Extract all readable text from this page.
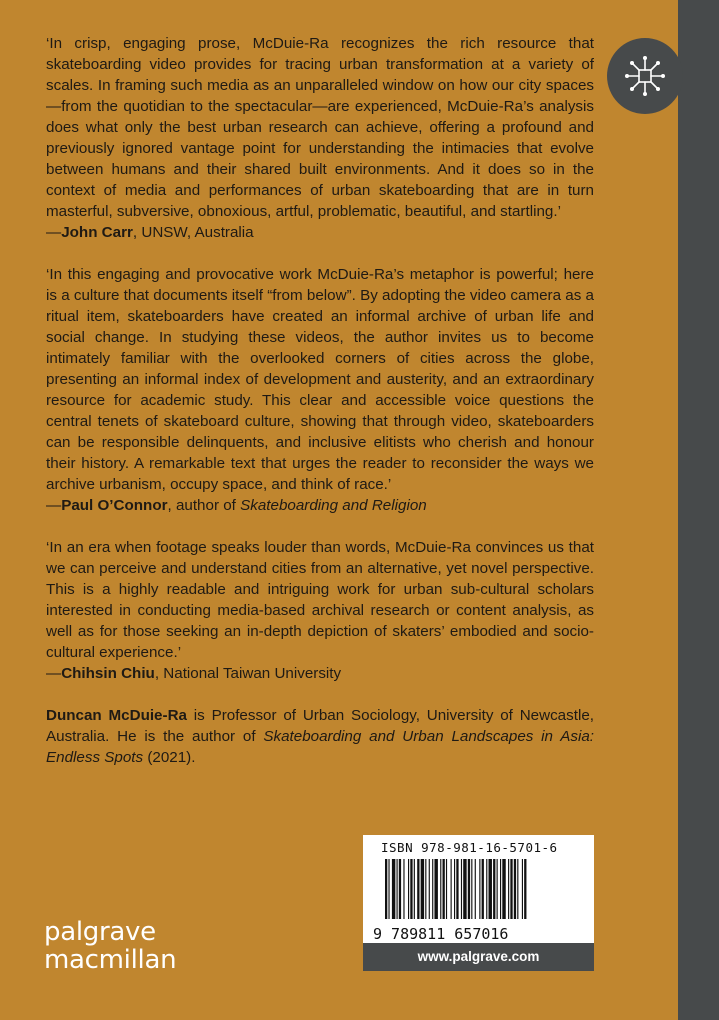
‘In crisp, engaging prose, McDuie-Ra recognizes the rich resource that skateboarding video provides for tracing urban transformation at a variety of scales. In framing such media as an unparalleled window on how our city spaces—from the quotidian to the spectacular—are experienced, McDuie-Ra’s analysis does what only the best urban research can achieve, offering a profound and previously ignored vantage point for understanding the intimacies that evolve between humans and their shared built environments. And it does so in the context of media and performances of urban skateboarding that are in turn masterful, subversive, obnoxious, artful, problematic, beautiful, and startling.’

—John Carr, UNSW, Australia

‘In this engaging and provocative work McDuie-Ra’s metaphor is powerful; here is a culture that documents itself “from below”. By adopting the video camera as a ritual item, skateboarders have created an informal archive of urban life and social change. In studying these videos, the author invites us to become intimately familiar with the overlooked corners of cities across the globe, presenting an informal index of development and austerity, and an extraordinary resource for academic study. This clear and accessible voice questions the central tenets of skateboard culture, showing that through video, skateboarders can be responsible delinquents, and inclusive elitists who cherish and honour their history. A remarkable text that urges the reader to reconsider the ways we archive urbanism, occupy space, and think of race.’

—Paul O’Connor, author of Skateboarding and Religion

‘In an era when footage speaks louder than words, McDuie-Ra convinces us that we can perceive and understand cities from an alternative, yet novel perspective. This is a highly readable and intriguing work for urban sub-cultural scholars interested in conducting media-based archival research or content analysis, as well as for those seeking an in-depth depiction of skaters’ embodied and socio-cultural experience.’

—Chihsin Chiu, National Taiwan University

Duncan McDuie-Ra is Professor of Urban Sociology, University of Newcastle, Australia. He is the author of Skateboarding and Urban Landscapes in Asia: Endless Spots (2021).

palgrave
macmillan
ISBN 978-981-16-5701-6
9 789811 657016
www.palgrave.com
